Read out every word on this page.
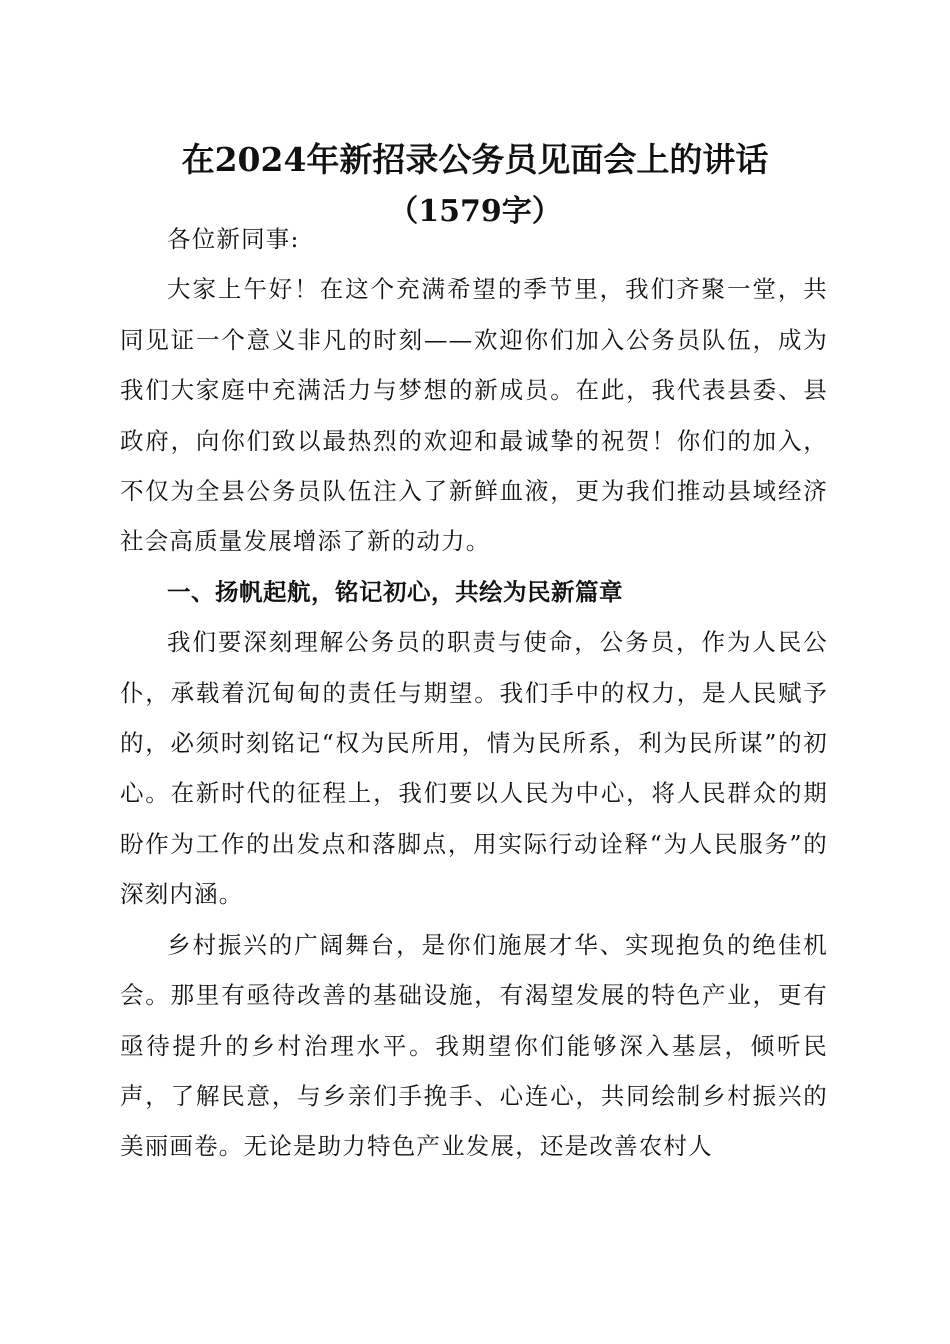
在2024年新招录公务员见面会上的讲话
（1579字）

各位新同事:

大家上午好！在这个充满希望的季节里，我们齐聚一堂，共同见证一个意义非凡的时刻——欢迎你们加入公务员队伍，成为我们大家庭中充满活力与梦想的新成员。在此，我代表县委、县政府，向你们致以最热烈的欢迎和最诚挚的祝贺！你们的加入，不仅为全县公务员队伍注入了新鲜血液，更为我们推动县域经济社会高质量发展增添了新的动力。

一、扬帆起航，铭记初心，共绘为民新篇章

我们要深刻理解公务员的职责与使命，公务员，作为人民公仆，承载着沉甸甸的责任与期望。我们手中的权力，是人民赋予的，必须时刻铭记“权为民所用，情为民所系，利为民所谋”的初心。在新时代的征程上，我们要以人民为中心，将人民群众的期盼作为工作的出发点和落脚点，用实际行动诠释“为人民服务”的深刻内涵。

乡村振兴的广阔舞台，是你们施展才华、实现抱负的绝佳机会。那里有亟待改善的基础设施，有渴望发展的特色产业，更有亟待提升的乡村治理水平。我期望你们能够深入基层，倾听民声，了解民意，与乡亲们手挽手、心连心，共同绘制乡村振兴的美丽画卷。无论是助力特色产业发展，还是改善农村人
